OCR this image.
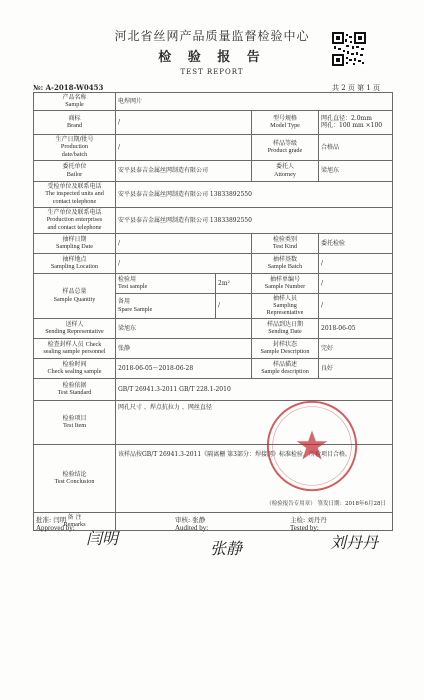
河北省丝网产品质量监督检验中心
检 验 报 告
TEST REPORT
№: A-2018-W0453	共 2 页 第 1 页
产品名称
Sample	电焊网片			

商标
Brand	/		型号规格
Model Type	网孔直径：2.0mm
网孔：100 mm ×100

生产日期/批号
Production
date/batch	/		样品等级
Product grade	合格品

委托单位
Bailor	安平县泰吉金属丝网制造有限公司		委托人
Attorney	梁旭东

受检单位及联系电话
The inspected units and
contact telephone	安平县泰吉金属丝网制造有限公司 13833892550			

生产单位及联系电话
Production enterprises
and contact telephone	安平县泰吉金属丝网制造有限公司 13833892550			

抽样日期
Sampling Date	/		检验类别
Test Kind	委托检验

抽样地点
Sampling Location	/		抽样基数
Sample Batch	/

样品总量
Sample Quantity	检验用
Test sample	2m²	抽样单编号
Sample Number	/

	备用
Spare Sample	/	抽样人员
Sampling Representative	/

送样人
Sending Representative	梁旭东		样品到达日期
Sending Date	2018-06-05

检查封样人员 Check
sealing sample personnel	张静		封样状态
Sample Description	完好

检验时间
Check sealing sample	2018-06-05～2018-06-28		样品描述
Sample description	良好

检验依据
Test Standard	GB/T 26941.3-2011 GB/T 228.1-2010			

检验项目
Test Item	网孔尺寸 、焊点抗拉力 、网丝直径			

检验结论
Test Conclusion	该样品按GB/T 26941.3-2011《隔离栅 第3部分：焊接网》标准检验，所检项目合格。
（检验报告专用章） 签发日期：2018年6月28日			

备 注
Remarks				

批准: 闫明
Approved by:
闫明
审核: 张静
Audited by:
张静
主检: 刘丹丹
Tested by:
刘丹丹
